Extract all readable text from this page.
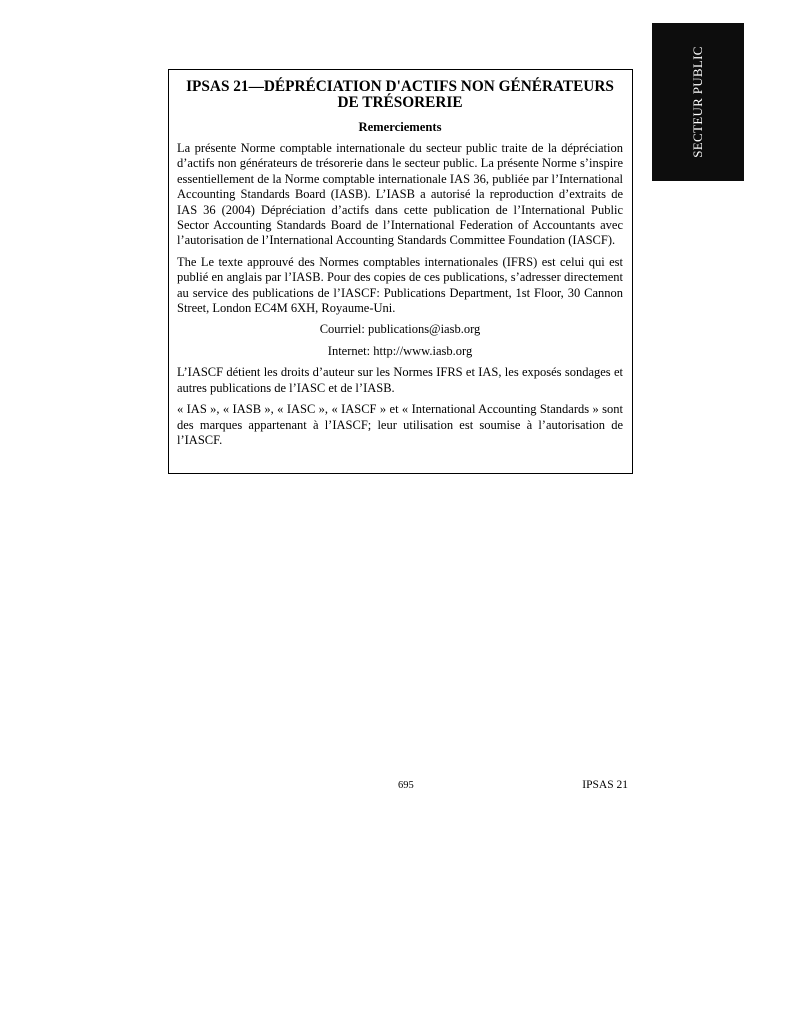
SECTEUR PUBLIC
IPSAS 21—DÉPRÉCIATION D'ACTIFS NON GÉNÉRATEURS
DE TRÉSORERIE
Remerciements

La présente Norme comptable internationale du secteur public traite de la dépréciation d’actifs non générateurs de trésorerie dans le secteur public. La présente Norme s’inspire essentiellement de la Norme comptable internationale IAS 36, publiée par l’International Accounting Standards Board (IASB). L’IASB a autorisé la reproduction d’extraits de IAS 36 (2004) Dépréciation d’actifs dans cette publication de l’International Public Sector Accounting Standards Board de l’International Federation of Accountants avec l’autorisation de l’International Accounting Standards Committee Foundation (IASCF).

The Le texte approuvé des Normes comptables internationales (IFRS) est celui qui est publié en anglais par l’IASB. Pour des copies de ces publications, s’adresser directement au service des publications de l’IASCF: Publications Department, 1st Floor, 30 Cannon Street, London EC4M 6XH, Royaume-Uni.

Courriel: publications@iasb.org

Internet: http://www.iasb.org

L’IASCF détient les droits d’auteur sur les Normes IFRS et IAS, les exposés sondages et autres publications de l’IASC et de l’IASB.

« IAS », « IASB », « IASC », « IASCF » et « International Accounting Standards » sont des marques appartenant à l’IASCF; leur utilisation est soumise à l’autorisation de l’IASCF.

695	IPSAS 21
